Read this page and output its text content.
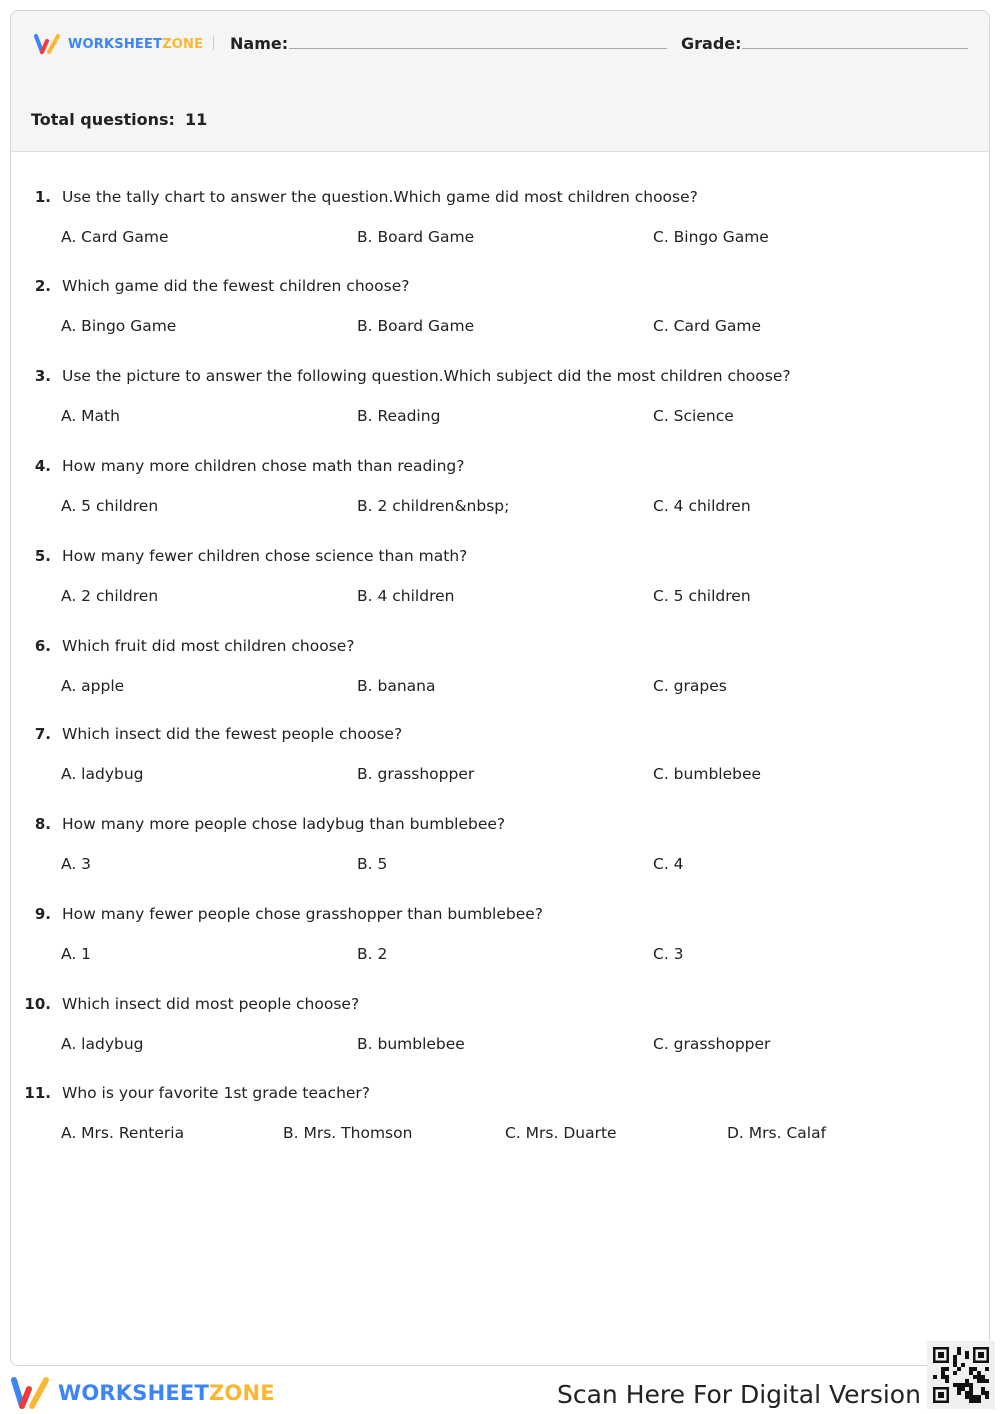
WORKSHEETZONE Name:	Grade:
Total questions: 11
1. Use the tally chart to answer the question.Which game did most children choose?
A. Card Game	B. Board Game	C. Bingo Game
2. Which game did the fewest children choose?
A. Bingo Game	B. Board Game	C. Card Game
3. Use the picture to answer the following question.Which subject did the most children choose?
A. Math	B. Reading	C. Science
4. How many more children chose math than reading?
A. 5 children	B. 2 children&nbsp;	C. 4 children
5. How many fewer children chose science than math?
A. 2 children	B. 4 children	C. 5 children
6. Which fruit did most children choose?
A. apple	B. banana	C. grapes
7. Which insect did the fewest people choose?
A. ladybug	B. grasshopper	C. bumblebee
8. How many more people chose ladybug than bumblebee?
A. 3	B. 5	C. 4
9. How many fewer people chose grasshopper than bumblebee?
A. 1	B. 2	C. 3
10. Which insect did most people choose?
A. ladybug	B. bumblebee	C. grasshopper
11. Who is your favorite 1st grade teacher?
A. Mrs. Renteria	B. Mrs. Thomson	C. Mrs. Duarte	D. Mrs. Calaf
WORKSHEETZONE	Scan Here For Digital Version
